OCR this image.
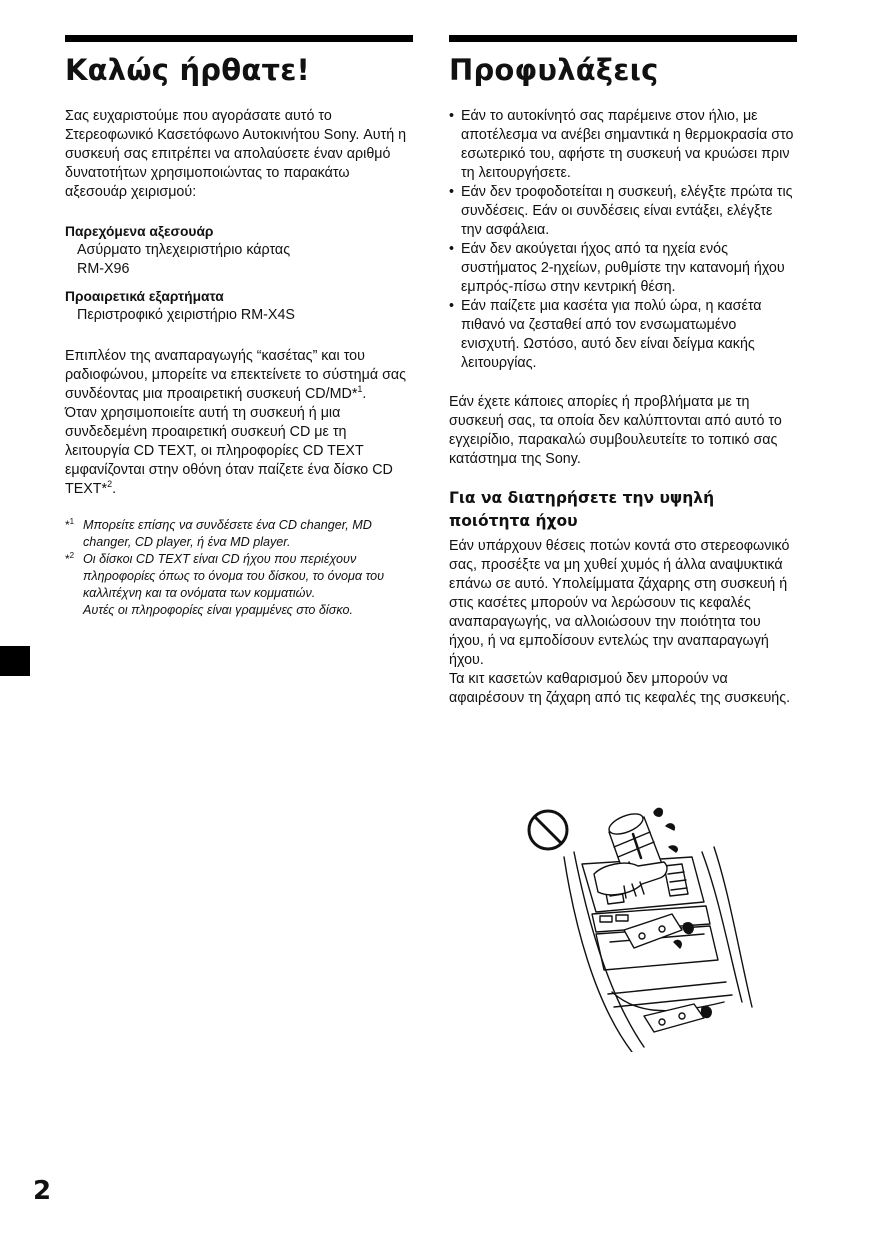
Καλώς ήρθατε!

Σας ευχαριστούμε που αγοράσατε αυτό το Στερεοφωνικό Κασετόφωνο Αυτοκινήτου Sony. Αυτή η συσκευή σας επιτρέπει να απολαύσετε έναν αριθμό δυνατοτήτων χρησιμοποιώντας το παρακάτω αξεσουάρ χειρισμού:

Παρεχόμενα αξεσουάρ

Ασύρματο τηλεχειριστήριο κάρτας
RM-X96

Προαιρετικά εξαρτήματα

Περιστροφικό χειριστήριο RM-X4S

Επιπλέον της αναπαραγωγής “κασέτας” και του ραδιοφώνου, μπορείτε να επεκτείνετε το σύστημά σας συνδέοντας μια προαιρετική συσκευή CD/MD*$^1$.
Όταν χρησιμοποιείτε αυτή τη συσκευή ή μια συνδεδεμένη προαιρετική συσκευή CD με τη λειτουργία CD TEXT, οι πληροφορίες CD TEXT εμφανίζονται στην οθόνη όταν παίζετε ένα δίσκο CD TEXT*$^2$.

*$^1$ Μπορείτε επίσης να συνδέσετε ένα CD changer, MD changer, CD player, ή ένα MD player.
*$^2$ Οι δίσκοι CD TEXT είναι CD ήχου που περιέχουν πληροφορίες όπως το όνομα του δίσκου, το όνομα του καλλιτέχνη και τα ονόματα των κομματιών.
Αυτές οι πληροφορίες είναι γραμμένες στο δίσκο.
Προφυλάξεις
• Εάν το αυτοκίνητό σας παρέμεινε στον ήλιο, με αποτέλεσμα να ανέβει σημαντικά η θερμοκρασία στο εσωτερικό του, αφήστε τη συσκευή να κρυώσει πριν τη λειτουργήσετε.
• Εάν δεν τροφοδοτείται η συσκευή, ελέγξτε πρώτα τις συνδέσεις. Εάν οι συνδέσεις είναι εντάξει, ελέγξτε την ασφάλεια.
• Εάν δεν ακούγεται ήχος από τα ηχεία ενός συστήματος 2-ηχείων, ρυθμίστε την κατανομή ήχου εμπρός-πίσω στην κεντρική θέση.
• Εάν παίζετε μια κασέτα για πολύ ώρα, η κασέτα πιθανό να ζεσταθεί από τον ενσωματωμένο ενισχυτή. Ωστόσο, αυτό δεν είναι δείγμα κακής λειτουργίας.

Εάν έχετε κάποιες απορίες ή προβλήματα με τη συσκευή σας, τα οποία δεν καλύπτονται από αυτό το εγχειρίδιο, παρακαλώ συμβουλευτείτε το τοπικό σας κατάστημα της Sony.

Για να διατηρήσετε την υψηλή
ποιότητα ήχου

Εάν υπάρχουν θέσεις ποτών κοντά στο στερεοφωνικό σας, προσέξτε να μη χυθεί χυμός ή άλλα αναψυκτικά επάνω σε αυτό. Υπολείμματα ζάχαρης στη συσκευή ή στις κασέτες μπορούν να λερώσουν τις κεφαλές αναπαραγωγής, να αλλοιώσουν την ποιότητα του ήχου, ή να εμποδίσουν εντελώς την αναπαραγωγή ήχου.

Τα κιτ κασετών καθαρισμού δεν μπορούν να αφαιρέσουν τη ζάχαρη από τις κεφαλές της συσκευής.

2
